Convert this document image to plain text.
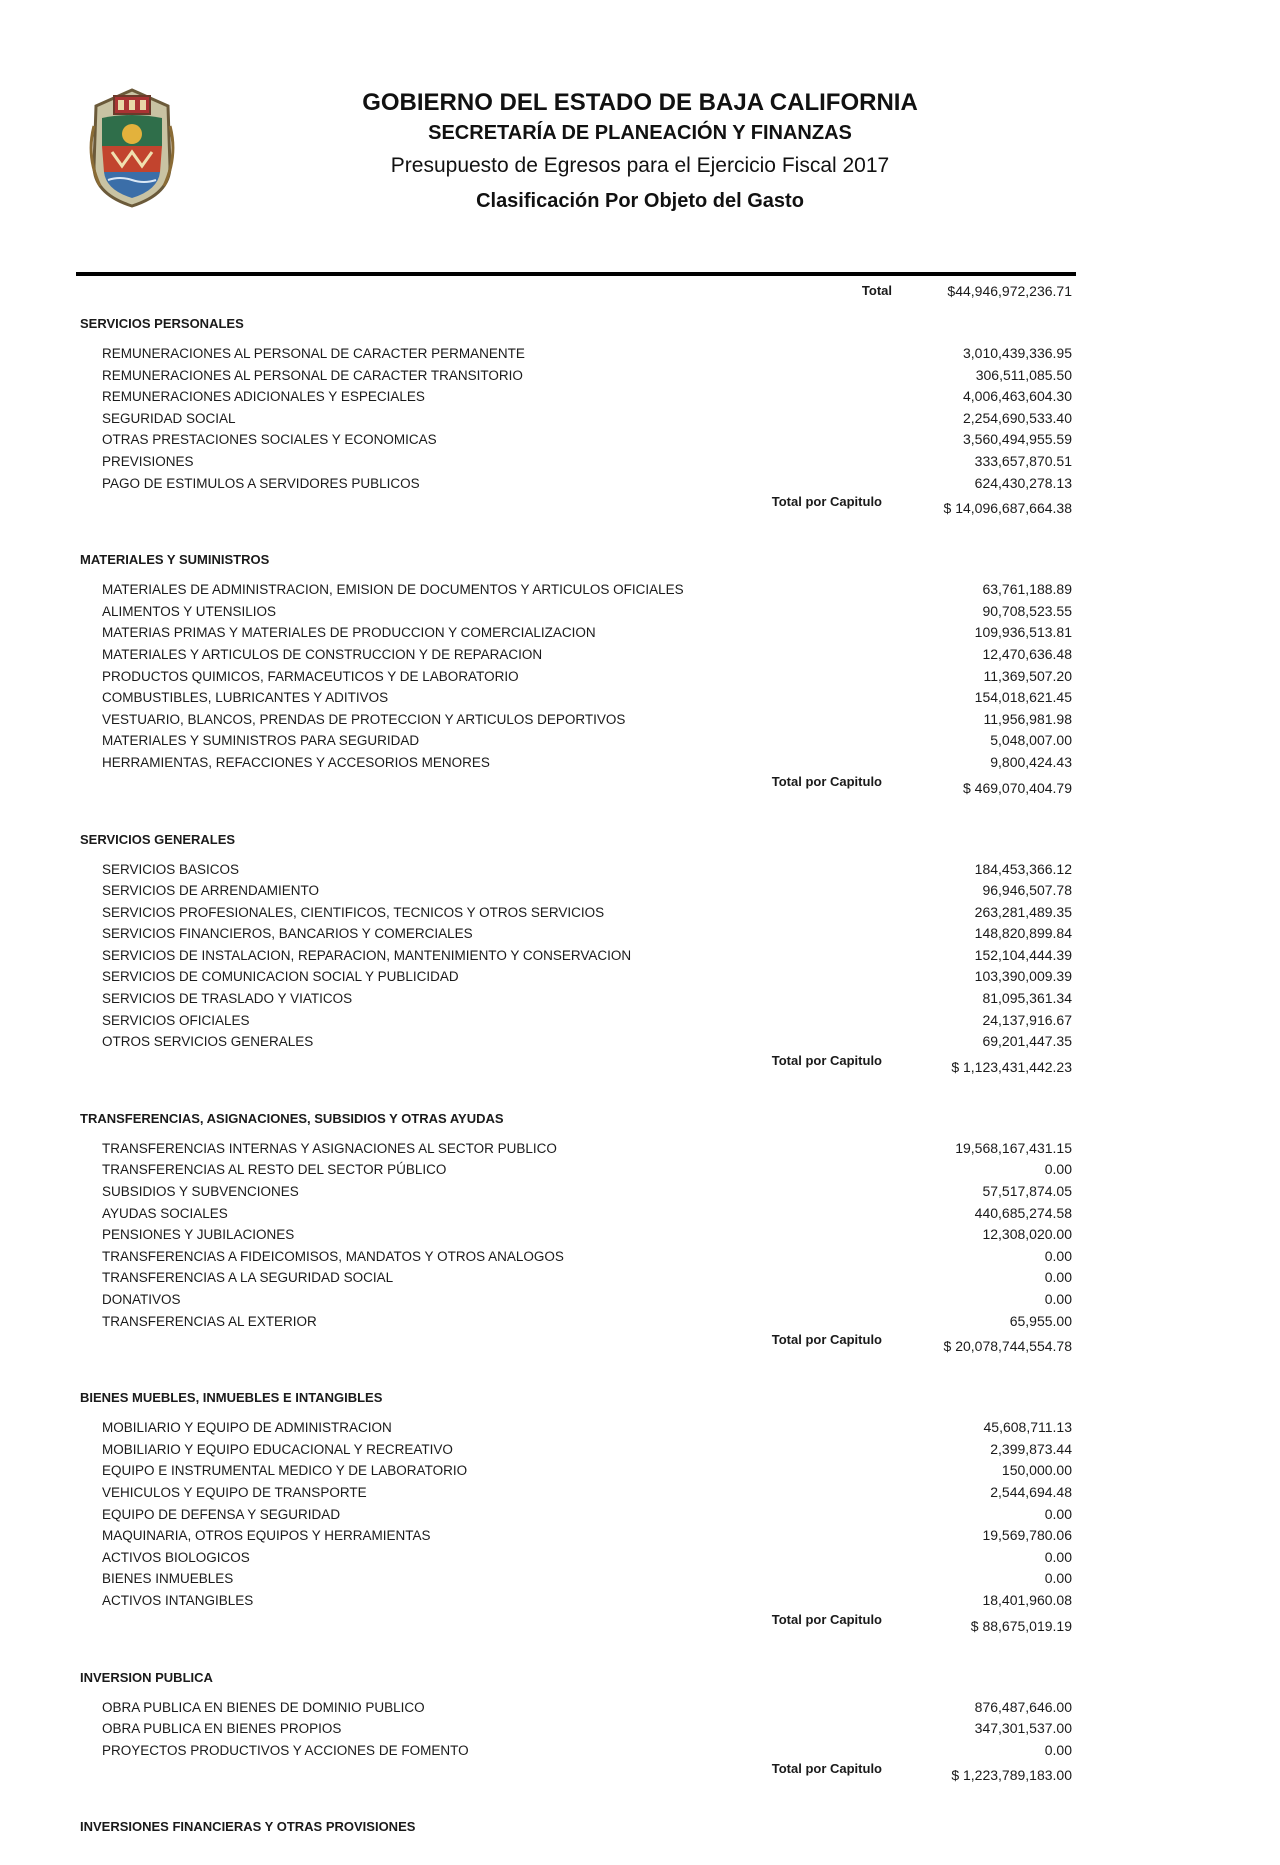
GOBIERNO DEL ESTADO DE BAJA CALIFORNIA
SECRETARÍA DE PLANEACIÓN Y FINANZAS
Presupuesto de Egresos para el Ejercicio Fiscal 2017
Clasificación Por Objeto del Gasto
Total	$44,946,972,236.71
SERVICIOS PERSONALES
REMUNERACIONES AL PERSONAL DE CARACTER PERMANENTE	3,010,439,336.95
REMUNERACIONES AL PERSONAL DE CARACTER TRANSITORIO	306,511,085.50
REMUNERACIONES ADICIONALES Y ESPECIALES	4,006,463,604.30
SEGURIDAD SOCIAL	2,254,690,533.40
OTRAS PRESTACIONES SOCIALES Y ECONOMICAS	3,560,494,955.59
PREVISIONES	333,657,870.51
PAGO DE ESTIMULOS A SERVIDORES PUBLICOS	624,430,278.13
Total por Capitulo	$ 14,096,687,664.38
MATERIALES Y SUMINISTROS
MATERIALES DE ADMINISTRACION, EMISION DE DOCUMENTOS Y ARTICULOS OFICIALES	63,761,188.89
ALIMENTOS Y UTENSILIOS	90,708,523.55
MATERIAS PRIMAS Y MATERIALES DE PRODUCCION Y COMERCIALIZACION	109,936,513.81
MATERIALES Y ARTICULOS DE CONSTRUCCION Y DE REPARACION	12,470,636.48
PRODUCTOS QUIMICOS, FARMACEUTICOS Y DE LABORATORIO	11,369,507.20
COMBUSTIBLES, LUBRICANTES Y ADITIVOS	154,018,621.45
VESTUARIO, BLANCOS, PRENDAS DE PROTECCION Y ARTICULOS DEPORTIVOS	11,956,981.98
MATERIALES Y SUMINISTROS PARA SEGURIDAD	5,048,007.00
HERRAMIENTAS, REFACCIONES Y ACCESORIOS MENORES	9,800,424.43
Total por Capitulo	$ 469,070,404.79
SERVICIOS GENERALES
SERVICIOS BASICOS	184,453,366.12
SERVICIOS DE ARRENDAMIENTO	96,946,507.78
SERVICIOS PROFESIONALES, CIENTIFICOS, TECNICOS Y OTROS SERVICIOS	263,281,489.35
SERVICIOS FINANCIEROS, BANCARIOS Y COMERCIALES	148,820,899.84
SERVICIOS DE INSTALACION, REPARACION, MANTENIMIENTO Y CONSERVACION	152,104,444.39
SERVICIOS DE COMUNICACION SOCIAL Y PUBLICIDAD	103,390,009.39
SERVICIOS DE TRASLADO Y VIATICOS	81,095,361.34
SERVICIOS OFICIALES	24,137,916.67
OTROS SERVICIOS GENERALES	69,201,447.35
Total por Capitulo	$ 1,123,431,442.23
TRANSFERENCIAS, ASIGNACIONES, SUBSIDIOS Y OTRAS AYUDAS
TRANSFERENCIAS INTERNAS Y ASIGNACIONES AL SECTOR PUBLICO	19,568,167,431.15
TRANSFERENCIAS AL RESTO DEL SECTOR PÚBLICO	0.00
SUBSIDIOS Y SUBVENCIONES	57,517,874.05
AYUDAS SOCIALES	440,685,274.58
PENSIONES Y JUBILACIONES	12,308,020.00
TRANSFERENCIAS A FIDEICOMISOS, MANDATOS Y OTROS ANALOGOS	0.00
TRANSFERENCIAS A LA SEGURIDAD SOCIAL	0.00
DONATIVOS	0.00
TRANSFERENCIAS AL EXTERIOR	65,955.00
Total por Capitulo	$ 20,078,744,554.78
BIENES MUEBLES, INMUEBLES E INTANGIBLES
MOBILIARIO Y EQUIPO DE ADMINISTRACION	45,608,711.13
MOBILIARIO Y EQUIPO EDUCACIONAL Y RECREATIVO	2,399,873.44
EQUIPO E INSTRUMENTAL MEDICO Y DE LABORATORIO	150,000.00
VEHICULOS Y EQUIPO DE TRANSPORTE	2,544,694.48
EQUIPO DE DEFENSA Y SEGURIDAD	0.00
MAQUINARIA, OTROS EQUIPOS Y HERRAMIENTAS	19,569,780.06
ACTIVOS BIOLOGICOS	0.00
BIENES INMUEBLES	0.00
ACTIVOS INTANGIBLES	18,401,960.08
Total por Capitulo	$ 88,675,019.19
INVERSION PUBLICA
OBRA PUBLICA EN BIENES DE DOMINIO PUBLICO	876,487,646.00
OBRA PUBLICA EN BIENES PROPIOS	347,301,537.00
PROYECTOS PRODUCTIVOS Y ACCIONES DE FOMENTO	0.00
Total por Capitulo	$ 1,223,789,183.00
INVERSIONES FINANCIERAS Y OTRAS PROVISIONES
